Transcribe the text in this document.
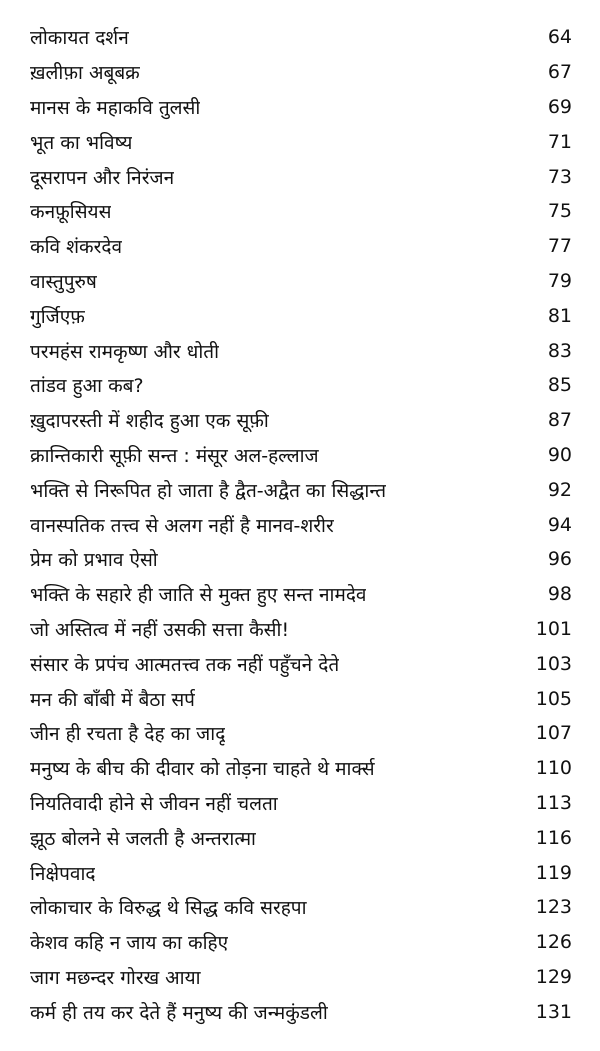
लोकायत दर्शन	64
ख़लीफ़ा अबूबक्र	67
मानस के महाकवि तुलसी	69
भूत का भविष्य	71
दूसरापन और निरंजन	73
कनफ़ूसियस	75
कवि शंकरदेव	77
वास्तुपुरुष	79
गुर्जिएफ़	81
परमहंस रामकृष्ण और धोती	83
तांडव हुआ कब?	85
ख़ुदापरस्ती में शहीद हुआ एक सूफ़ी	87
क्रान्तिकारी सूफ़ी सन्त : मंसूर अल-हल्लाज	90
भक्ति से निरूपित हो जाता है द्वैत-अद्वैत का सिद्धान्त	92
वानस्पतिक तत्त्व से अलग नहीं है मानव-शरीर	94
प्रेम को प्रभाव ऐसो	96
भक्ति के सहारे ही जाति से मुक्त हुए सन्त नामदेव	98
जो अस्तित्व में नहीं उसकी सत्ता कैसी!	101
संसार के प्रपंच आत्मतत्त्व तक नहीं पहुँचने देते	103
मन की बाँबी में बैठा सर्प	105
जीन ही रचता है देह का जादू	107
मनुष्य के बीच की दीवार को तोड़ना चाहते थे मार्क्स	110
नियतिवादी होने से जीवन नहीं चलता	113
झूठ बोलने से जलती है अन्तरात्मा	116
निक्षेपवाद	119
लोकाचार के विरुद्ध थे सिद्ध कवि सरहपा	123
केशव कहि न जाय का कहिए	126
जाग मछन्दर गोरख आया	129
कर्म ही तय कर देते हैं मनुष्य की जन्मकुंडली	131
